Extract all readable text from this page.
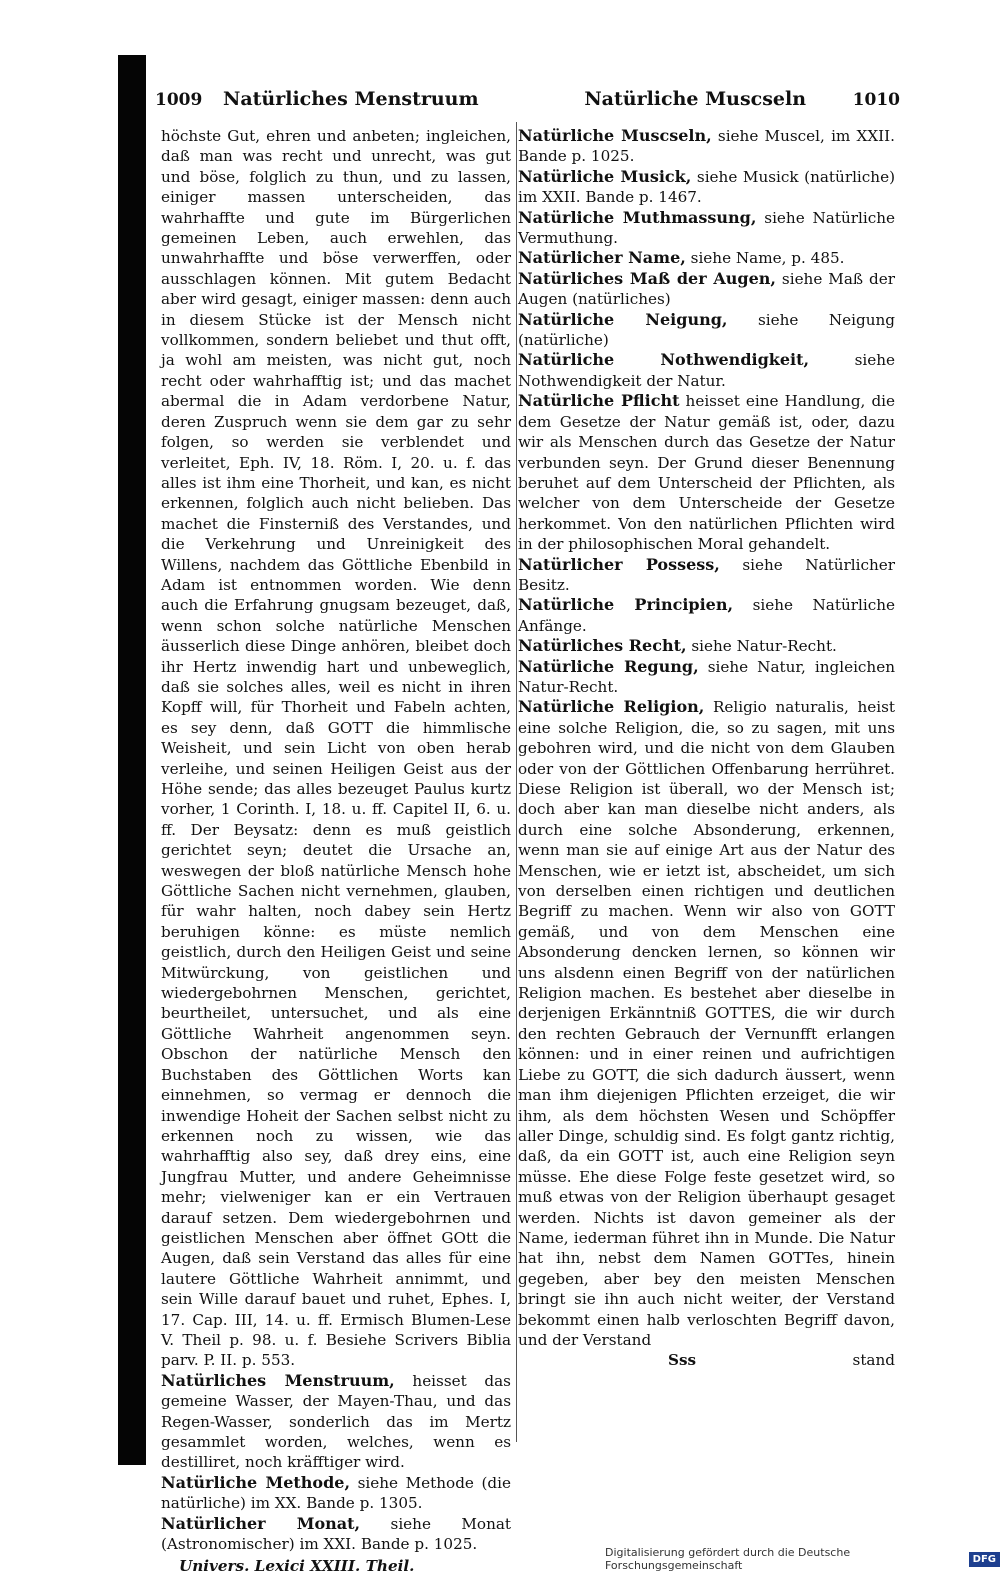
1009 Natürliches Menstruum	Natürliche Muscseln	1010

höchste Gut, ehren und anbeten; ingleichen, daß man was recht und unrecht, was gut und böse, folglich zu thun, und zu lassen, einiger massen unterscheiden, das wahrhaffte und gute im Bürgerlichen gemeinen Leben, auch erwehlen, das unwahrhaffte und böse verwerffen, oder ausschlagen können. Mit gutem Bedacht aber wird gesagt, einiger massen: denn auch in diesem Stücke ist der Mensch nicht vollkommen, sondern beliebet und thut offt, ja wohl am meisten, was nicht gut, noch recht oder wahrhafftig ist; und das machet abermal die in Adam verdorbene Natur, deren Zuspruch wenn sie dem gar zu sehr folgen, so werden sie verblendet und verleitet, Eph. IV, 18. Röm. I, 20. u. f. das alles ist ihm eine Thorheit, und kan, es nicht erkennen, folglich auch nicht belieben. Das machet die Finsterniß des Verstandes, und die Verkehrung und Unreinigkeit des Willens, nachdem das Göttliche Ebenbild in Adam ist entnommen worden. Wie denn auch die Erfahrung gnugsam bezeuget, daß, wenn schon solche natürliche Menschen äusserlich diese Dinge anhören, bleibet doch ihr Hertz inwendig hart und unbeweglich, daß sie solches alles, weil es nicht in ihren Kopff will, für Thorheit und Fabeln achten, es sey denn, daß GOTT die himmlische Weisheit, und sein Licht von oben herab verleihe, und seinen Heiligen Geist aus der Höhe sende; das alles bezeuget Paulus kurtz vorher, 1 Corinth. I, 18. u. ff. Capitel II, 6. u. ff. Der Beysatz: denn es muß geistlich gerichtet seyn; deutet die Ursache an, weswegen der bloß natürliche Mensch hohe Göttliche Sachen nicht vernehmen, glauben, für wahr halten, noch dabey sein Hertz beruhigen könne: es müste nemlich geistlich, durch den Heiligen Geist und seine Mitwürckung, von geistlichen und wiedergebohrnen Menschen, gerichtet, beurtheilet, untersuchet, und als eine Göttliche Wahrheit angenommen seyn. Obschon der natürliche Mensch den Buchstaben des Göttlichen Worts kan einnehmen, so vermag er dennoch die inwendige Hoheit der Sachen selbst nicht zu erkennen noch zu wissen, wie das wahrhafftig also sey, daß drey eins, eine Jungfrau Mutter, und andere Geheimnisse mehr; vielweniger kan er ein Vertrauen darauf setzen. Dem wiedergebohrnen und geistlichen Menschen aber öffnet GOtt die Augen, daß sein Verstand das alles für eine lautere Göttliche Wahrheit annimmt, und sein Wille darauf bauet und ruhet, Ephes. I, 17. Cap. III, 14. u. ff. Ermisch Blumen-Lese V. Theil p. 98. u. f. Besiehe Scrivers Biblia parv. P. II. p. 553.

Natürliches Menstruum, heisset das gemeine Wasser, der Mayen-Thau, und das Regen-Wasser, sonderlich das im Mertz gesammlet worden, welches, wenn es destilliret, noch kräfftiger wird.

Natürliche Methode, siehe Methode (die natürliche) im XX. Bande p. 1305.

Natürlicher Monat, siehe Monat (Astronomischer) im XXI. Bande p. 1025.

Univers. Lexici XXIII. Theil.

Natürliche Muscseln, siehe Muscel, im XXII. Bande p. 1025.

Natürliche Musick, siehe Musick (natürliche) im XXII. Bande p. 1467.

Natürliche Muthmassung, siehe Natürliche Vermuthung.

Natürlicher Name, siehe Name, p. 485.

Natürliches Maß der Augen, siehe Maß der Augen (natürliches)

Natürliche Neigung, siehe Neigung (natürliche)

Natürliche Nothwendigkeit, siehe Nothwendigkeit der Natur.

Natürliche Pflicht heisset eine Handlung, die dem Gesetze der Natur gemäß ist, oder, dazu wir als Menschen durch das Gesetze der Natur verbunden seyn. Der Grund dieser Benennung beruhet auf dem Unterscheid der Pflichten, als welcher von dem Unterscheide der Gesetze herkommet. Von den natürlichen Pflichten wird in der philosophischen Moral gehandelt.

Natürlicher Possess, siehe Natürlicher Besitz.

Natürliche Principien, siehe Natürliche Anfänge.

Natürliches Recht, siehe Natur-Recht.

Natürliche Regung, siehe Natur, ingleichen Natur-Recht.

Natürliche Religion, Religio naturalis, heist eine solche Religion, die, so zu sagen, mit uns gebohren wird, und die nicht von dem Glauben oder von der Göttlichen Offenbarung herrühret. Diese Religion ist überall, wo der Mensch ist; doch aber kan man dieselbe nicht anders, als durch eine solche Absonderung, erkennen, wenn man sie auf einige Art aus der Natur des Menschen, wie er ietzt ist, abscheidet, um sich von derselben einen richtigen und deutlichen Begriff zu machen. Wenn wir also von GOTT gemäß, und von dem Menschen eine Absonderung dencken lernen, so können wir uns alsdenn einen Begriff von der natürlichen Religion machen. Es bestehet aber dieselbe in derjenigen Erkänntniß GOTTES, die wir durch den rechten Gebrauch der Vernunfft erlangen können: und in einer reinen und aufrichtigen Liebe zu GOTT, die sich dadurch äussert, wenn man ihm diejenigen Pflichten erzeiget, die wir ihm, als dem höchsten Wesen und Schöpffer aller Dinge, schuldig sind. Es folgt gantz richtig, daß, da ein GOTT ist, auch eine Religion seyn müsse. Ehe diese Folge feste gesetzet wird, so muß etwas von der Religion überhaupt gesaget werden. Nichts ist davon gemeiner als der Name, iederman führet ihn in Munde. Die Natur hat ihn, nebst dem Namen GOTTes, hinein gegeben, aber bey den meisten Menschen bringt sie ihn auch nicht weiter, der Verstand bekommt einen halb verloschten Begriff davon, und der Verstand

Sss	stand

Digitalisierung gefördert durch die Deutsche Forschungsgemeinschaft	DFG
